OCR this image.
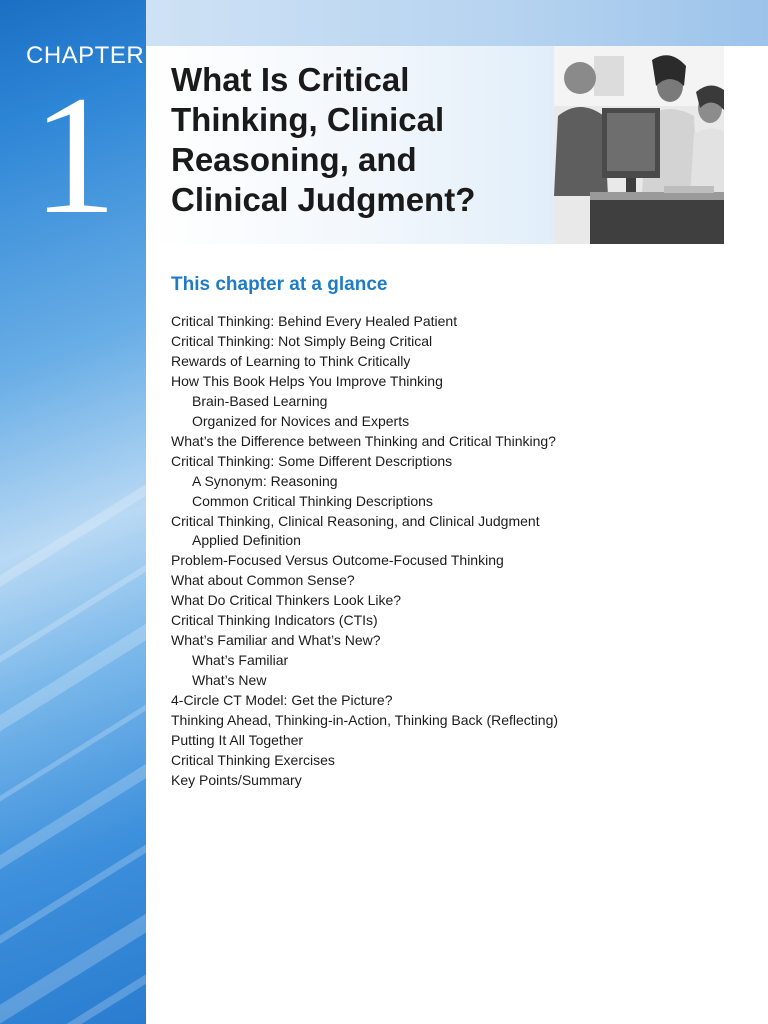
CHAPTER
1 What Is Critical Thinking, Clinical Reasoning, and Clinical Judgment?
This chapter at a glance
Critical Thinking: Behind Every Healed Patient
Critical Thinking: Not Simply Being Critical
Rewards of Learning to Think Critically
How This Book Helps You Improve Thinking
Brain-Based Learning
Organized for Novices and Experts
What’s the Difference between Thinking and Critical Thinking?
Critical Thinking: Some Different Descriptions
A Synonym: Reasoning
Common Critical Thinking Descriptions
Critical Thinking, Clinical Reasoning, and Clinical Judgment
Applied Definition
Problem-Focused Versus Outcome-Focused Thinking
What about Common Sense?
What Do Critical Thinkers Look Like?
Critical Thinking Indicators (CTIs)
What’s Familiar and What’s New?
What’s Familiar
What’s New
4-Circle CT Model: Get the Picture?
Thinking Ahead, Thinking-in-Action, Thinking Back (Reflecting)
Putting It All Together
Critical Thinking Exercises
Key Points/Summary
